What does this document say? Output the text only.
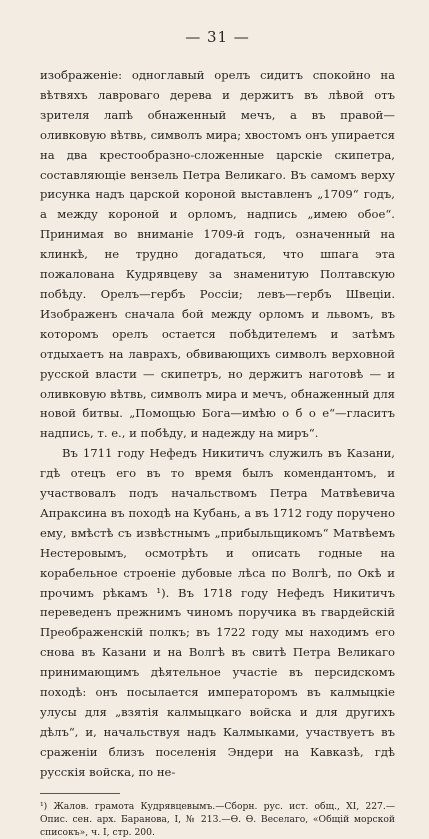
— 31 —

изображеніе: одноглавый орелъ сидитъ спокойно на вѣтвяхъ лавроваго дерева и держитъ въ лѣвой отъ зрителя лапѣ обнаженный мечъ, а въ правой—оливковую вѣтвь, символъ мира; хвостомъ онъ упирается на два крестообразно-сложенные царскіе скипетра, составляющіе вензель Петра Великаго. Въ самомъ верху рисунка надъ царской короной выставленъ „1709“ годъ, а между короной и орломъ, надпись „имею обое“. Принимая во вниманіе 1709-й годъ, означенный на клинкѣ, не трудно догадаться, что шпага эта пожалована Кудрявцеву за знаменитую Полтавскую побѣду. Орелъ—гербъ Россіи; левъ—гербъ Швеціи. Изображенъ сначала бой между орломъ и львомъ, въ которомъ орелъ остается побѣдителемъ и затѣмъ отдыхаетъ на лаврахъ, обвивающихъ символъ верховной русской власти — скипетръ, но держитъ наготовѣ — и оливковую вѣтвь, символъ мира и мечъ, обнаженный для новой битвы. „Помощью Бога—имѣю о б о е“—гласитъ надпись, т. е., и побѣду, и надежду на миръ“.

Въ 1711 году Нефедъ Никитичъ служилъ въ Казани, гдѣ отецъ его въ то время былъ комендантомъ, и участвовалъ подъ начальствомъ Петра Матвѣевича Апраксина въ походѣ на Кубань, а въ 1712 году поручено ему, вмѣстѣ съ извѣстнымъ „прибыльщикомъ“ Матвѣемъ Нестеровымъ, осмотрѣть и описать годные на корабельное строеніе дубовые лѣса по Волгѣ, по Окѣ и прочимъ рѣкамъ ¹). Въ 1718 году Нефедъ Никитичъ переведенъ прежнимъ чиномъ поручика въ гвардейскій Преображенскій полкъ; въ 1722 году мы находимъ его снова въ Казани и на Волгѣ въ свитѣ Петра Великаго принимающимъ дѣятельное участіе въ персидскомъ походѣ: онъ посылается императоромъ въ калмыцкіе улусы для „взятія калмыцкаго войска и для другихъ дѣлъ“, и, начальствуя надъ Калмыками, участвуетъ въ сраженіи близъ поселенія Эндери на Кавказѣ, гдѣ русскія войска, по не-

¹) Жалов. грамота Кудрявцевымъ.—Сборн. рус. ист. общ., XI, 227.—Опис. сен. арх. Баранова, I, № 213.—Ѳ. Ѳ. Веселаго, «Общій морской списокъ», ч. I, стр. 200.
